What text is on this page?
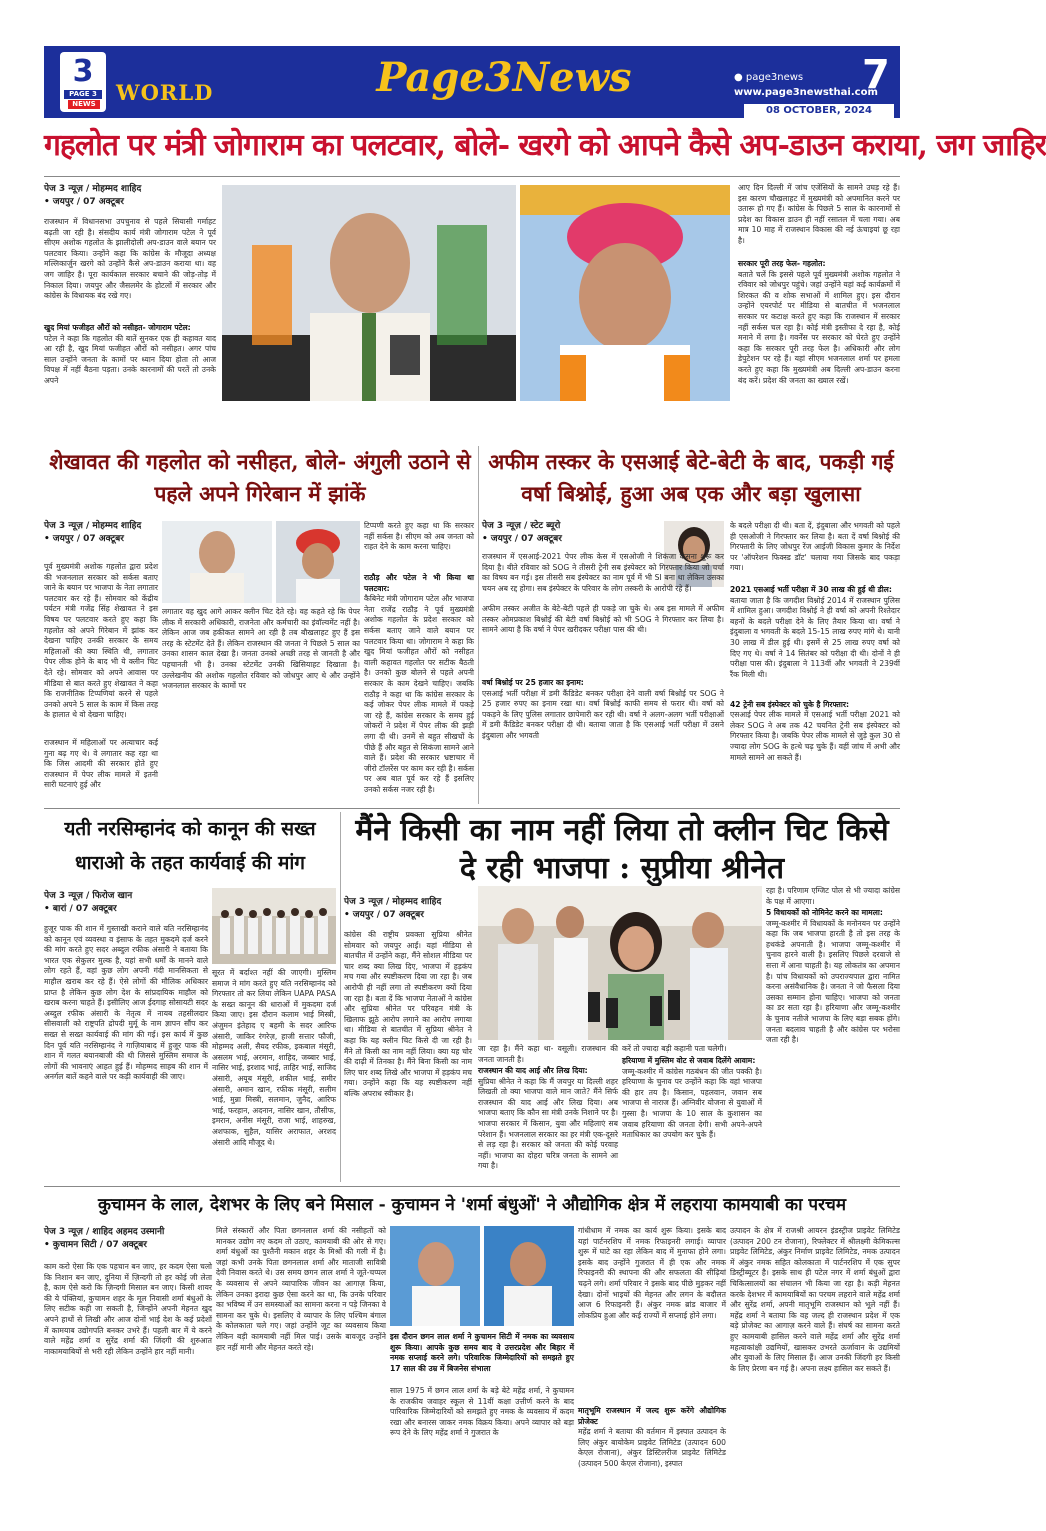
3
PAGE 3
NEWS WORLD	Page3News	● page3news
www.page3newsthai.com
7
08 OCTOBER, 2024
गहलोत पर मंत्री जोगाराम का पलटवार, बोले- खरगे को आपने कैसे अप-डाउन कराया, जग जाहिर
पेज 3 न्यूज़ / मोहम्मद शाहिद
• जयपुर / 07 अक्टूबर
राजस्थान में विधानसभा उपचुनाव से पहले सियासी गर्माहट बढ़ती जा रही है। संसदीय कार्य मंत्री जोगाराम पटेल ने पूर्व सीएम अशोक गहलोत के झालीदोली अप-डाउन वाले बयान पर पलटवार किया। उन्होंने कहा कि कांग्रेस के मौजूदा अध्यक्ष मल्लिकार्जुन खरगे को उन्होंने कैसे अप-डाउन कराया था। वह जग जाहिर है। पूरा कार्यकाल सरकार बचाने की जोड़-तोड़ में निकाल दिया। जयपुर और जैसलमेर के होटलों में सरकार और कांग्रेस के विधायक बंद रखे गए।
खुद मियां फजीहत औरों को नसीहत- जोगाराम पटेल:
पटेल ने कहा कि गहलोत की बातें सुनकर एक ही कहावत याद आ रही है, खुद मियां फजीहत औरों को नसीहत। अगर पांच साल उन्होंने जनता के कामों पर ध्यान दिया होता तो आज विपक्ष में नहीं बैठना पड़ता। उनके कारनामों की परतें तो उनके अपने
आए दिन दिल्ली में जांच एजेंसियों के सामने उघड़ रहे हैं। इस कारण चौखलाहट में मुख्यमंत्री को अपमानित करने पर उतारू हो गए हैं। कांग्रेस के पिछले 5 साल के कारनामों से प्रदेश का विकास डाउन ही नहीं रसातल में चला गया। अब मात्र 10 माह में राजस्थान विकास की नई ऊंचाइयां छू रहा है।
सरकार पूरी तरह फेल- गहलोत:
बताते चलें कि इससे पहले पूर्व मुख्यमंत्री अशोक गहलोत ने रविवार को जोधपुर पहुंचे। जहां उन्होंने यहां कई कार्यक्रमों में शिरकत की व शोक सभाओं में शामिल हुए। इस दौरान उन्होंने एयरपोर्ट पर मीडिया से बातचीत में भजनलाल सरकार पर कटाक्ष करते हुए कहा कि राजस्थान में सरकार नहीं सर्कस चल रहा है। कोई मंत्री इस्तीफा दे रहा है, कोई मनाने में लगा है। गवर्नेंस पर सरकार को घेरते हुए उन्होंने कहा कि सरकार पूरी तरह फेल है। अधिकारी और लोग डेपुटेशन पर रहे हैं। यहां सीएम भजनलाल शर्मा पर हमला करते हुए कहा कि मुख्यमंत्री अब दिल्ली अप-डाउन करना बंद करें। प्रदेश की जनता का ख्याल रखें।
शेखावत की गहलोत को नसीहत, बोले- अंगुली उठाने से पहले अपने गिरेबान में झांकें
अफीम तस्कर के एसआई बेटे-बेटी के बाद, पकड़ी गई वर्षा बिश्नोई, हुआ अब एक और बड़ा खुलासा
पेज 3 न्यूज़ / मोहम्मद शाहिद
• जयपुर / 07 अक्टूबर
पूर्व मुख्यमंत्री अशोक गहलोत द्वारा प्रदेश की भजनलाल सरकार को सर्कस बताए जाने के बयान पर भाजपा के नेता लगातार पलटवार कर रहे हैं। सोमवार को केंद्रीय पर्यटन मंत्री गजेंद्र सिंह शेखावत ने इस विषय पर पलटवार करते हुए कहा कि गहलोत को अपने गिरेबान में झांक कर देखना चाहिए उनकी सरकार के समय महिलाओं की क्या स्थिति थी, लगातार पेपर लीक होने के बाद भी ये क्लीन चिट देते रहे। सोमवार को अपने आवास पर मीडिया से बात करते हुए शेखावत ने कहा कि राजनीतिक टिप्पणियां करने से पहले उनको अपने 5 साल के काम में किस तरह के हालात थे वो देखना चाहिए।
राजस्थान में महिलाओं पर अत्याचार कई गुना बढ़ गए थे। वे लगातार कह रहा था कि जिस आदमी की सरकार होते हुए राजस्थान में पेपर लीक मामले में इतनी सारी घटनाएं हुई और
लगातार वह खुद आगे आकर क्लीन चिट देते रहे। वह कहते रहे कि पेपर लीक में सरकारी अधिकारी, राजनेता और कर्मचारी का इंवॉल्वमेंट नहीं है। लेकिन आज जब हकीकत सामने आ रही है तब बौखलाहट हुए हैं इस तरह के स्टेटमेंट देते हैं। लेकिन राजस्थान की जनता ने पिछले 5 साल का उनका शासन काल देखा है। जनता उनको अच्छी तरह से जानती है और पहचानती भी है। उनका स्टेटमेंट उनकी खिसियाहट दिखाता है। उल्लेखनीय की अशोक गहलोत रविवार को जोधपुर आए थे और उन्होंने भजनलाल सरकार के कामों पर
टिप्पणी करते हुए कहा था कि सरकार नहीं सर्कस है। सीएम को अब जनता को राहत देने के काम करना चाहिए।
राठौड़ और पटेल ने भी किया था पलटवार:
कैबिनेट मंत्री जोगाराम पटेल और भाजपा नेता राजेंद्र राठौड़ ने पूर्व मुख्यमंत्री अशोक गहलोत के प्रदेश सरकार को सर्कस बताए जाने वाले बयान पर पलटवार किया था। जोगाराम ने कहा कि खुद मियां फजीहत औरों को नसीहत वाली कहावत गहलोत पर सटीक बैठती है। उनको कुछ बोलने से पहले अपनी सरकार के काम देखने चाहिए। जबकि राठौड़ ने कहा था कि कांग्रेस सरकार के कई जोकर पेपर लीक मामले में पकड़े जा रहे हैं, कांग्रेस सरकार के समय हुई जोकरों ने प्रदेश में पेपर लीक की झड़ी लगा दी थी। उनमें से बहुत सीखचों के पीछे हैं और बहुत से सिकंजा सामने आने वाले हैं। प्रदेश की सरकार भ्रष्टाचार में जीरो टॉलरेंस पर काम कर रही है। सर्कस पर अब बात पूर्व कर रहे हैं इसलिए उनको सर्कस नजर रही है।
पेज 3 न्यूज़ / स्टेट ब्यूरो
• जयपुर / 07 अक्टूबर
राजस्थान में एसआई-2021 पेपर लीक केस में एसओजी ने शिकंजा कसना शुरू कर दिया है। बीते रविवार को SOG ने तीसरी ट्रेनी सब इंस्पेक्टर को गिरफ्तार किया जो चर्चा का विषय बन गई। इस तीसरी सब इंस्पेक्टर का नाम पूर्व में भी SI बना था लेकिन उसका चयन अब रद्द होगा। सब इंस्पेक्टर के परिवार के लोग तस्करी के आरोपी रहे हैं।
अफीम तस्कर अजीत के बेटे-बेटी पहले ही पकड़े जा चुके थे। अब इस मामले में अफीम तस्कर ओमप्रकाश बिश्नोई की बेटी वर्षा बिश्नोई को भी SOG ने गिरफ्तार कर लिया है। सामने आया है कि वर्षा ने पेपर खरीदकर परीक्षा पास की थी।
वर्षा बिश्नोई पर 25 हजार का इनाम:
एसआई भर्ती परीक्षा में डमी कैंडिडेट बनकर परीक्षा देने वाली वर्षा बिश्नोई पर SOG ने 25 हजार रुपए का इनाम रखा था। वर्षा बिश्नोई काफी समय से फरार थी। वर्षा को पकड़ने के लिए पुलिस लगातार छापेमारी कर रही थी। वर्षा ने अलग-अलग भर्ती परीक्षाओं में डमी कैंडिडेट बनकर परीक्षा दी थी। बताया जाता है कि एसआई भर्ती परीक्षा में उसने इंदुबाला और भगवती
के बदले परीक्षा दी थी। बता दें, इंदुबाला और भगवती को पहले ही एसओजी ने गिरफ्तार कर लिया है। बता दें वर्षा बिश्नोई की गिरफ्तारी के लिए जोधपुर रेंज आईजी विकास कुमार के निर्देश पर 'ऑपरेशन फिक्स्ड डॉट' चलाया गया जिसके बाद पकड़ा गया।
2021 एसआई भर्ती परीक्षा में 30 लाख की हुई थी डील:
बताया जाता है कि जगदीश विश्नोई 2014 में राजस्थान पुलिस में शामिल हुआ। जगदीश विश्नोई ने ही वर्षा को अपनी रिश्तेदार बहनों के बदले परीक्षा देने के लिए तैयार किया था। वर्षा ने इंदुबाला व भगवती के बदले 15-15 लाख रुपए मांगे थे। यानी 30 लाख में डील हुई थी। इसमें से 25 लाख रुपए वर्षा को दिए गए थे। वर्षा ने 14 सितंबर को परीक्षा दी थी। दोनों ने ही परीक्षा पास की। इंदुबाला ने 113वीं और भगवती ने 239वीं रैंक मिली थी।
42 ट्रेनी सब इंस्पेक्टर को चुके है गिरफ्तार:
एसआई पेपर लीक मामले में एसआई भर्ती परीक्षा 2021 को लेकर SOG ने अब तक 42 चयनित ट्रेनी सब इंस्पेक्टर को गिरफ्तार किया है। जबकि पेपर लीक मामले से जुड़े कुल 30 से ज्यादा लोग SOG के हत्थे चढ़ चुके हैं। वहीं जांच में अभी और मामले सामने आ सकते हैं।
यती नरसिम्हानंद को कानून की सख्त धाराओ के तहत कार्यवाई की मांग
पेज 3 न्यूज़ / फिरोज खान
• बारां / 07 अक्टूबर
हुजूर पाक की शान में गुस्ताखी कराने वाले यति नरसिम्हानंद को कानून एवं व्यवस्था व इंसाफ के तहत मुकदमे दर्ज करने की मांग करते हुए सदर अब्दुल रफीक अंसारी ने बताया कि भारत एक सेकुलर मुल्क है, यहां सभी धर्मों के मानने वाले लोग रहते हैं, वहां कुछ लोग अपनी गंदी मानसिकता से माहौल खराब कर रहे हैं। ऐसे लोगों की मौलिक अधिकार प्राप्त है लेकिन कुछ लोग देश के सांप्रदायिक माहौल को खराब करना चाहते हैं। इसीलिए आज ईदगाह सोसायटी सदर अब्दुल रफीक अंसारी के नेतृत्व में नायब तहसीलदार सीसवाली को राष्ट्रपति द्रोपदी मुर्मू के नाम ज्ञापन सौंप कर सख्त से सख्त कार्यवाई की मांग की गई। इस कार्य में कुछ दिन पूर्व यति नरसिम्हानंद ने गाज़ियाबाद में हुजूर पाक की शान में गलत बयानबाजी की थी जिससे मुस्लिम समाज के लोगों की भावनाएं आहत हुई हैं। मोहम्मद साहब की शान में अनर्गल बातें कहने वाले पर कड़ी कार्यवाही की जाए।
सूरत में बर्दाश्त नहीं की जाएगी। मुस्लिम समाज ने मांग करते हुए यति नरसिम्हानंद को गिरफ्तार तो कर लिया लेकिन UAPA PASA के सख्त कानून की धाराओं में मुकदमा दर्ज किया जाए। इस दौरान कलाम भाई मिस्त्री, अंजुमन इंतेहाद ए बहमी के सदर आरिफ अंसारी, जाकिर रंगरेज़, हाजी सत्तार फौजी, मोहम्मद अली, सैयद रफीक, इकबाल मंसूरी, असलम भाई, अरमान, शाहिद, जब्बार भाई, नासिर भाई, इरशाद भाई, ताहिर भाई, साजिद अंसारी, अयूब मंसूरी, शकील भाई, समीर अंसारी, अमान खान, रफीक मंसूरी, सलीम भाई, मुन्ना मिस्त्री, सलमान, जुनैद, आरिफ भाई, फरहान, अदनान, नासिर खान, तौसीफ, इमरान, अनीस मंसूरी, राजा भाई, शाहरुख, अशफाक, सुहैल, यासिर अराफात, अरशद अंसारी आदि मौजूद थे।
मैंने किसी का नाम नहीं लिया तो क्लीन चिट किसे दे रही भाजपा : सुप्रीया श्रीनेत
पेज 3 न्यूज़ / मोहम्मद शाहिद
• जयपुर / 07 अक्टूबर
कांग्रेस की राष्ट्रीय प्रवक्ता सुप्रिया श्रीनेत सोमवार को जयपुर आईं। यहां मीडिया से बातचीत में उन्होंने कहा, मैंने सोशल मीडिया पर चार शब्द क्या लिख दिए, भाजपा में हड़कंप मच गया और स्पष्टीकरण दिया जा रहा है। जब आरोपी ही नहीं लगा तो स्पष्टीकरण क्यों दिया जा रहा है। बता दें कि भाजपा नेताओं ने कांग्रेस और सुप्रिया श्रीनेत पर परिवहन मंत्री के खिलाफ झूठे आरोप लगाने का आरोप लगाया था। मीडिया से बातचीत में सुप्रिया श्रीनेत ने कहा कि यह क्लीन चिट किसे दी जा रही है। मैंने तो किसी का नाम नहीं लिया। क्या यह चोर की दाढ़ी में तिनका है। मैंने बिना किसी का नाम लिए चार शब्द लिखे और भाजपा में हड़कंप मच गया। उन्होंने कहा कि यह स्पष्टीकरण नहीं बल्कि अपराध स्वीकार है।
जा रहा है। मैंने कहा था- वसूली। राजस्थान की जनता जानती है।
राजस्थान की याद आई और लिख दिया:
सुप्रिया श्रीनेत ने कहा कि मैं जयपुर या दिल्ली शहर लिखती तो क्या भाजपा वाले मान जाते? मैंने सिर्फ राजस्थान की याद आई और लिख दिया। अब भाजपा बताए कि कौन सा मंत्री उनके निशाने पर है। भाजपा सरकार में किसान, युवा और महिलाएं सब परेशान हैं। भजनलाल सरकार का हर मंत्री एक-दूसरे से लड़ रहा है। सरकार को जनता की कोई परवाह नहीं। भाजपा का दोहरा चरित्र जनता के सामने आ गया है।
करें तो ज्यादा बड़ी कहानी पता चलेगी।
हरियाणा में मुस्लिम वोट से जवाब दिलेंगे आवाम:
जम्मू-कश्मीर में कांग्रेस गठबंधन की जीत पक्की है। हरियाणा के चुनाव पर उन्होंने कहा कि वहां भाजपा की हार तय है। किसान, पहलवान, जवान सब भाजपा से नाराज हैं। अग्निवीर योजना से युवाओं में गुस्सा है। भाजपा के 10 साल के कुशासन का जवाब हरियाणा की जनता देगी। सभी अपने-अपने मताधिकार का उपयोग कर चुके हैं।
रहा है। परिणाम एग्जिट पोल से भी ज्यादा कांग्रेस के पक्ष में आएगा।
5 विधायकों को नोमिनेट करने का मामला:
जम्मू-कश्मीर में विधायकों के मनोनयन पर उन्होंने कहा कि जब भाजपा हारती है तो इस तरह के हथकंडे अपनाती है। भाजपा जम्मू-कश्मीर में चुनाव हारने वाली है। इसलिए पिछले दरवाजे से सत्ता में आना चाहती है। यह लोकतंत्र का अपमान है। पांच विधायकों को उपराज्यपाल द्वारा नामित करना असंवैधानिक है। जनता ने जो फैसला दिया उसका सम्मान होना चाहिए। भाजपा को जनता का डर सता रहा है। हरियाणा और जम्मू-कश्मीर के चुनाव नतीजे भाजपा के लिए बड़ा सबक होंगे। जनता बदलाव चाहती है और कांग्रेस पर भरोसा जता रही है।
कुचामन के लाल, देशभर के लिए बने मिसाल - कुचामन ने 'शर्मा बंधुओं' ने औद्योगिक क्षेत्र में लहराया कामयाबी का परचम
पेज 3 न्यूज़ / शाहिद अहमद उस्मानी
• कुचामन सिटी / 07 अक्टूबर
काम करो ऐसा कि एक पहचान बन जाए, हर कदम ऐसा चलो कि निशान बन जाए, दुनिया में ज़िन्दगी तो हर कोई जी लेता है, काम ऐसे करो कि ज़िन्दगी मिसाल बन जाए। किसी शायर की ये पंक्तियां, कुचामन शहर के मूल निवासी शर्मा बंधुओं के लिए सटीक कही जा सकती है, जिन्होंने अपनी मेहनत खुद अपने हाथों से लिखी और आज दोनों भाई देश के कई प्रदेशों में कामयाब उद्योगपति बनकर उभरे हैं। पहली बार में ये करने वाले महेंद्र शर्मा व सुरेंद्र शर्मा की जिंदगी की शुरुआत नाकामयाबियों से भरी रही लेकिन उन्होंने हार नहीं मानी।
मिले संस्कारों और पिता छगनलाल शर्मा की नसीहतों को मानकर उद्योग नए कदम तो उठाए, कामयाबी की ओर से गए। शर्मा बंधुओं का पुश्तैनी मकान शहर के मिश्रों की गली में है। जहां कभी उनके पिता छगनलाल शर्मा और माताजी सावित्री देवी निवास करते थे। उस समय छगन लाल शर्मा ने जूते-चप्पल के व्यवसाय से अपने व्यापारिक जीवन का आगाज़ किया, लेकिन उनका इरादा कुछ ऐसा करने का था, कि उनके परिवार का भविष्य में उन समस्याओं का सामना करना न पड़े जिनका वे सामना कर चुके थे। इसलिए वे व्यापार के लिए पश्चिम बंगाल के कोलकाता चले गए। जहां उन्होंने जूट का व्यवसाय किया लेकिन बड़ी कामयाबी नहीं मिल पाई। उसके बावजूद उन्होंने हार नहीं मानी और मेहनत करते रहे।
इस दौरान छगन लाल शर्मा ने कुचामन सिटी में नमक का व्यवसाय शुरू किया। आपके कुछ समय बाद वे उत्तरप्रदेश और बिहार में नमक सप्लाई करने लगे। परिवारिक जिम्मेदारियों को समझते हुए 17 साल की उम्र में बिजनेस संभाला
साल 1975 में छगन लाल शर्मा के बड़े बेटे महेंद्र शर्मा, ने कुचामन के राजकीय जवाहर स्कूल से 11वीं कक्षा उत्तीर्ण करने के बाद पारिवारिक जिम्मेदारियों को समझते हुए नमक के व्यवसाय में कदम रखा और बनारस जाकर नमक विक्रय किया। अपने व्यापार को बड़ा रूप देने के लिए महेंद्र शर्मा ने गुजरात के
गांधीधाम में नमक का कार्य शुरू किया। इसके बाद यहां पार्टनरशिप में नमक रिफाइनरी लगाई। व्यापार शुरू में घाटे का रहा लेकिन बाद में मुनाफा होने लगा। इसके बाद उन्होंने गुजरात में ही एक और नमक रिफाइनरी की स्थापना की और सफलता की सीढ़ियां चढ़ने लगे। शर्मा परिवार ने इसके बाद पीछे मुड़कर नहीं देखा। दोनों भाइयों की मेहनत और लगन के बदौलत आज 6 रिफाइनरी हैं। अंकुर नमक ब्रांड बाजार में लोकप्रिय हुआ और कई राज्यों में सप्लाई होने लगा।
मातृभूमि राजस्थान में जल्द शुरू करेंगे औद्योगिक प्रोजेक्ट
महेंद्र शर्मा ने बताया की वर्तमान में इस्पात उत्पादन के लिए अंकुर बायोकेम प्राइवेट लिमिटेड (उत्पादन 600 केएल रोजाना), अंकुर डिस्टिलरीज प्राइवेट लिमिटेड (उत्पादन 500 केएल रोजाना), इस्पात
उत्पादन के क्षेत्र में राजश्री आयरन इंडस्ट्रीज प्राइवेट लिमिटेड (उत्पादन 200 टन रोजाना), रिफ्लेक्टर में श्रीलक्ष्मी केमिकल्स प्राइवेट लिमिटेड, अंकुर निर्माण प्राइवेट लिमिटेड, नमक उत्पादन में अंकुर नमक सहित कोलकाता में पार्टनरशिप में एक सुपर डिस्ट्रीब्यूटर है। इसके साथ ही पटेल नगर में शर्मा बंधुओं द्वारा चिकित्सालयों का संचालन भी किया जा रहा है। कड़ी मेहनत करके देशभर में कामयाबियों का परचम लहराने वाले महेंद्र शर्मा और सुरेंद्र शर्मा, अपनी मातृभूमि राजस्थान को भूले नहीं हैं। महेंद्र शर्मा ने बताया कि वह जल्द ही राजस्थान प्रदेश में एक बड़े प्रोजेक्ट का आगाज़ करने वाले हैं। संघर्ष का सामना करते हुए कामयाबी हासिल करने वाले महेंद्र शर्मा और सुरेंद्र शर्मा महत्वाकांक्षी उद्यमियों, खासकर उभरते ऊर्जावान के उद्यमियों और युवाओं के लिए मिसाल हैं। आज उनकी जिंदगी हर किसी के लिए प्रेरणा बन गई है। अपना लक्ष्य हासिल कर सकते हैं।
